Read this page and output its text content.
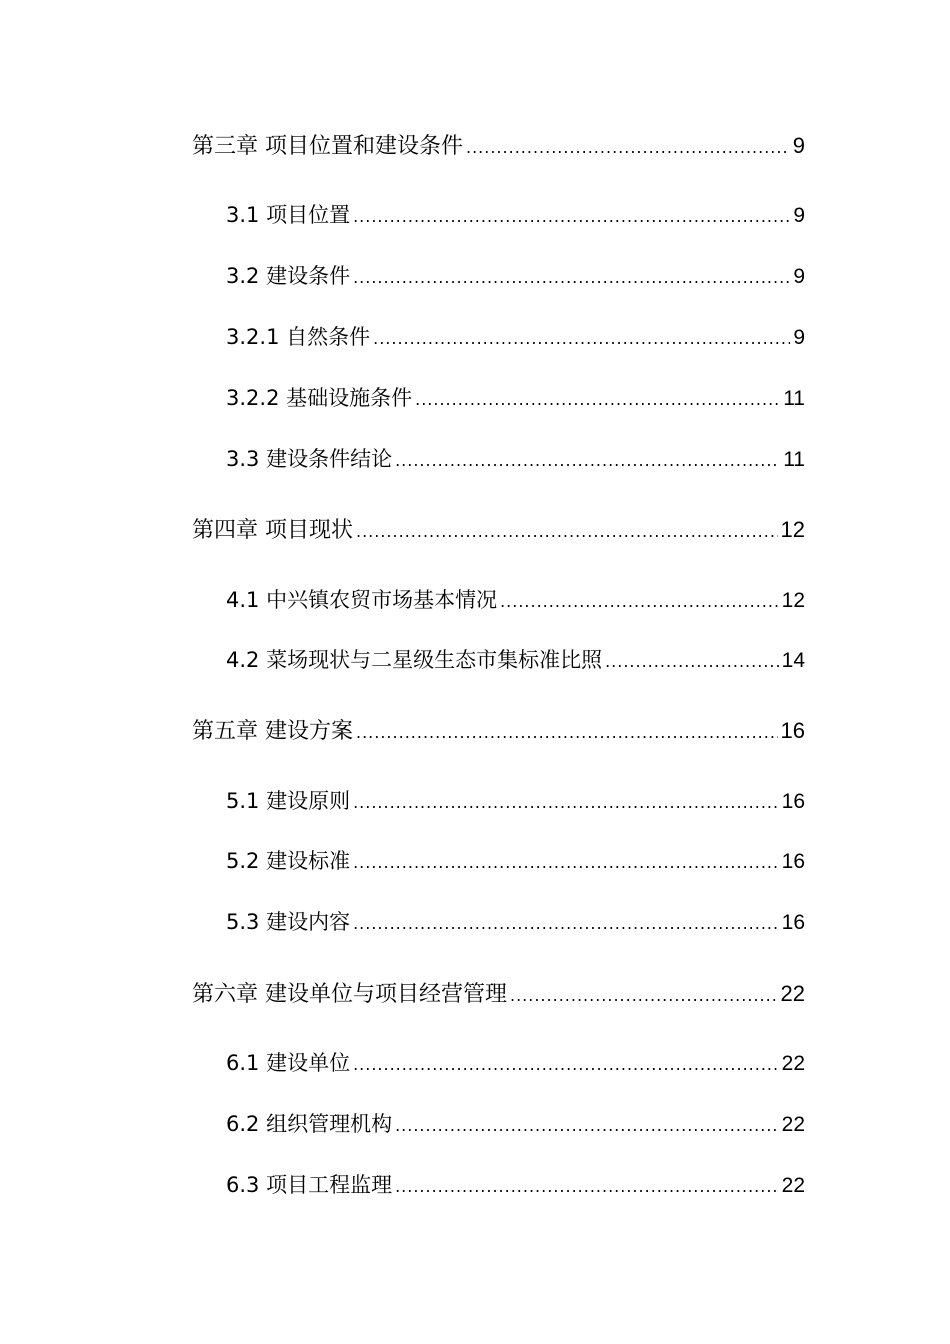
第三章 项目位置和建设条件 .....	9
3.1 项目位置 .....	9
3.2 建设条件 .....	9
3.2.1 自然条件 .....	9
3.2.2 基础设施条件 .....	11
3.3 建设条件结论 .....	11
第四章 项目现状 .....	12
4.1 中兴镇农贸市场基本情况 .....	12
4.2 菜场现状与二星级生态市集标准比照 .....	14
第五章 建设方案 .....	16
5.1 建设原则 .....	16
5.2 建设标准 .....	16
5.3 建设内容 .....	16
第六章 建设单位与项目经营管理 .....	22
6.1 建设单位 .....	22
6.2 组织管理机构 .....	22
6.3 项目工程监理 .....	22
